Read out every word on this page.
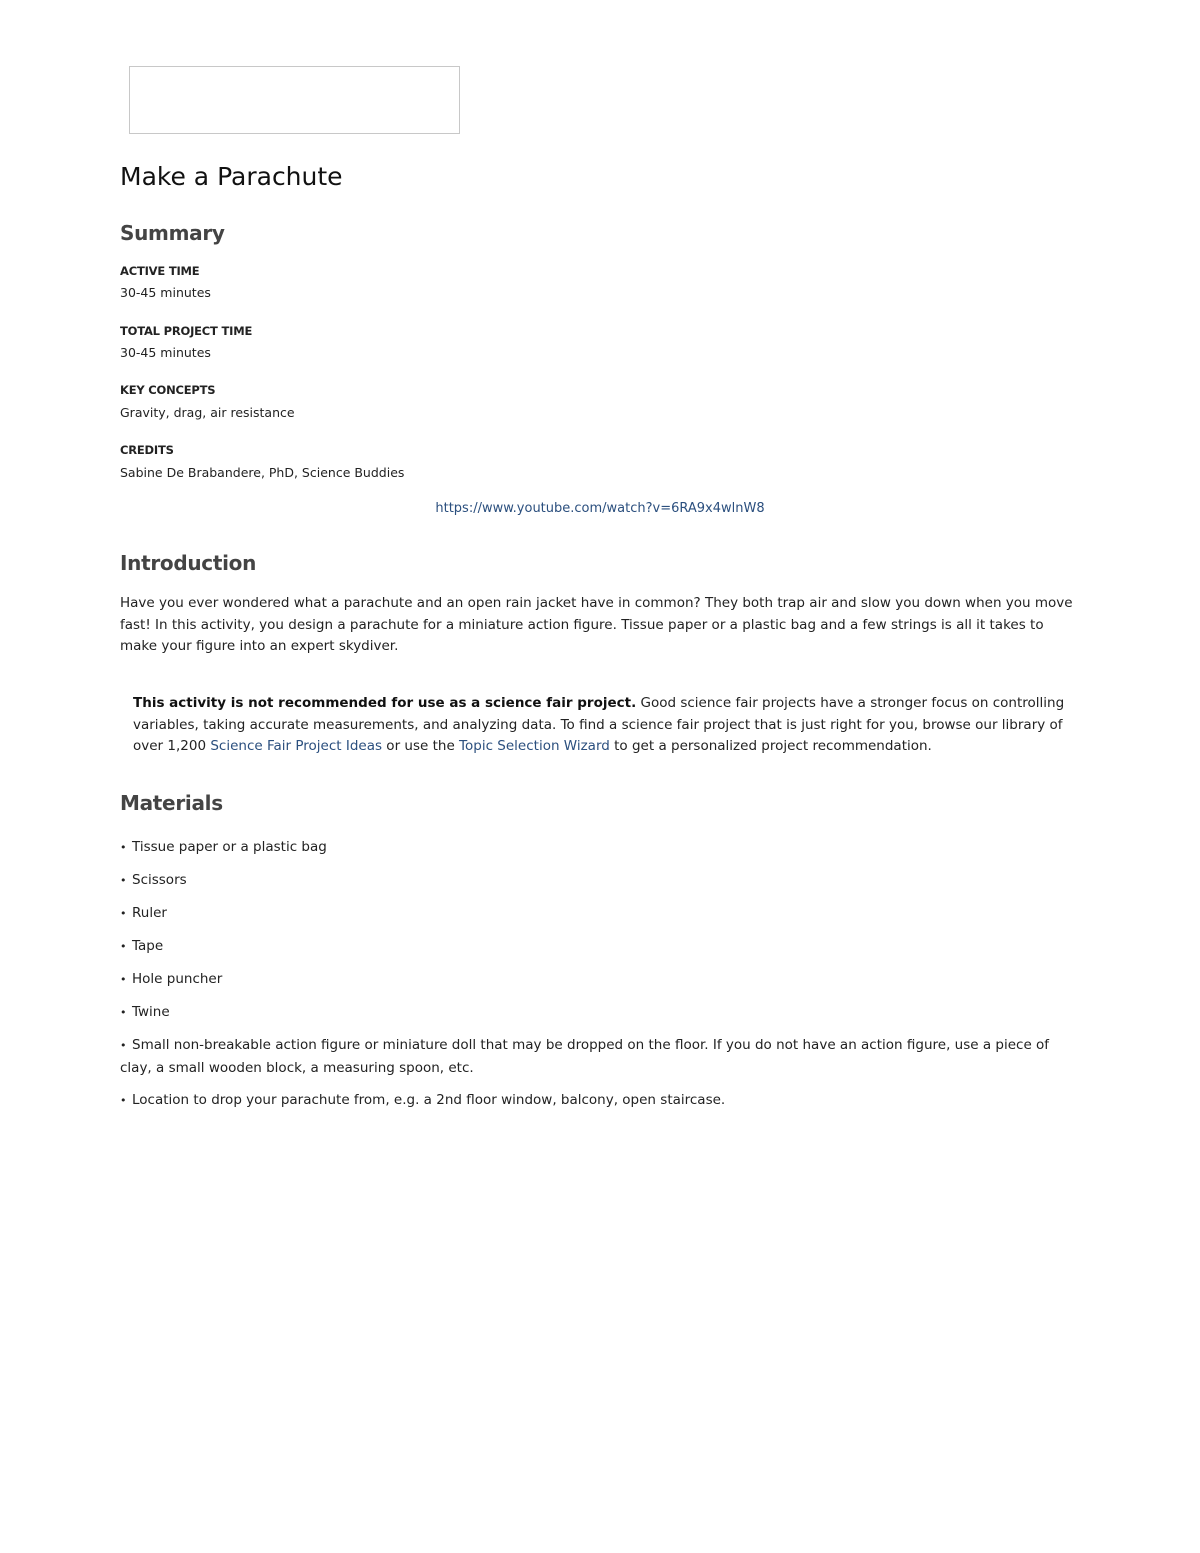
Make a Parachute
Summary
ACTIVE TIME
30-45 minutes
TOTAL PROJECT TIME
30-45 minutes
KEY CONCEPTS
Gravity, drag, air resistance
CREDITS
Sabine De Brabandere, PhD, Science Buddies
https://www.youtube.com/watch?v=6RA9x4wlnW8
Introduction

Have you ever wondered what a parachute and an open rain jacket have in common? They both trap air and slow you down when you move fast! In this activity, you design a parachute for a miniature action figure. Tissue paper or a plastic bag and a few strings is all it takes to make your figure into an expert skydiver.

This activity is not recommended for use as a science fair project. Good science fair projects have a stronger focus on controlling variables, taking accurate measurements, and analyzing data. To find a science fair project that is just right for you, browse our library of over 1,200 Science Fair Project Ideas or use the Topic Selection Wizard to get a personalized project recommendation.

Materials
• Tissue paper or a plastic bag
• Scissors
• Ruler
• Tape
• Hole puncher
• Twine
• Small non-breakable action figure or miniature doll that may be dropped on the floor. If you do not have an action figure, use a piece of clay, a small wooden block, a measuring spoon, etc.
• Location to drop your parachute from, e.g. a 2nd floor window, balcony, open staircase.
